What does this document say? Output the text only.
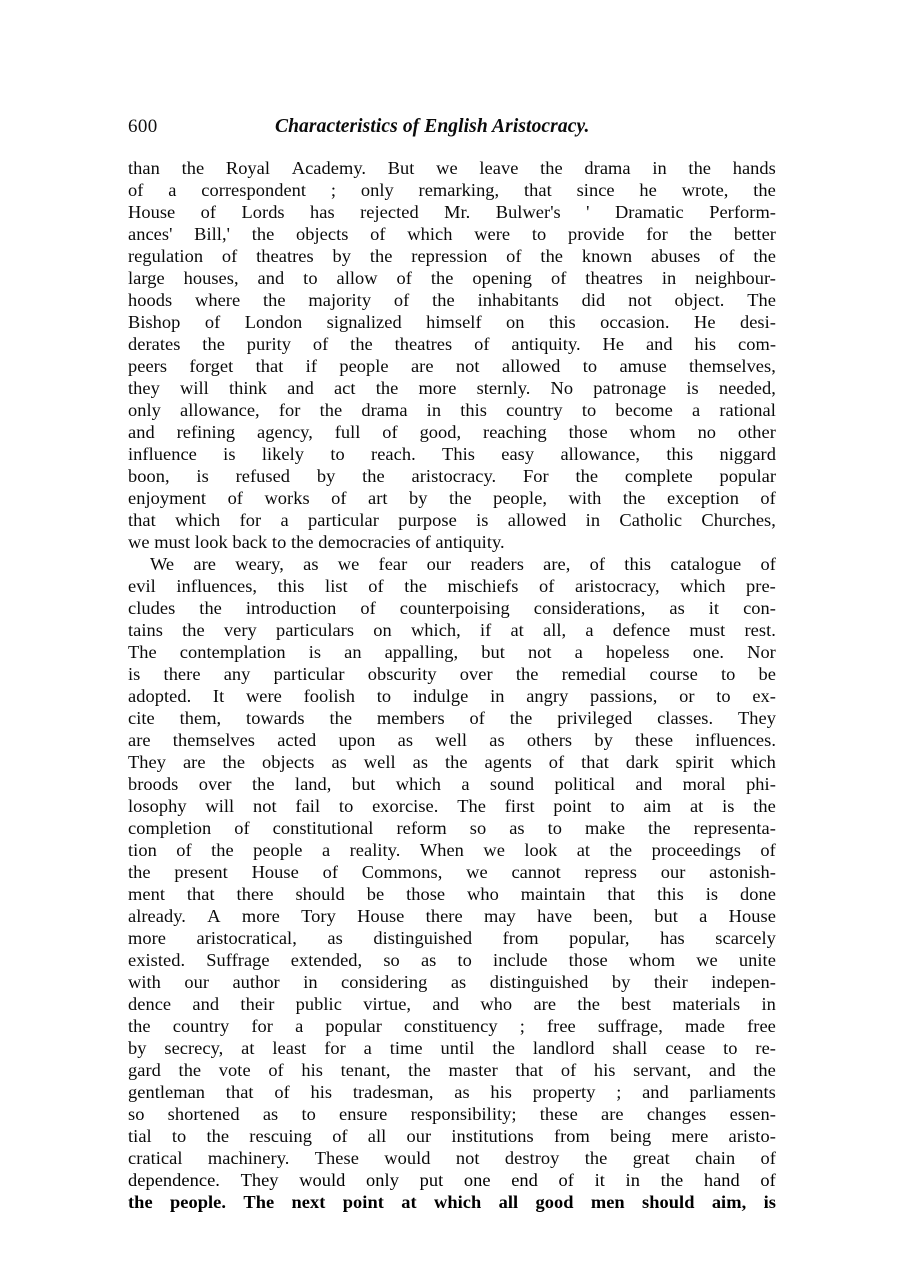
600	Characteristics of English Aristocracy.
than the Royal Academy. But we leave the drama in the hands
of a correspondent ; only remarking, that since he wrote, the
House of Lords has rejected Mr. Bulwer's ' Dramatic Perform-
ances' Bill,' the objects of which were to provide for the better
regulation of theatres by the repression of the known abuses of the
large houses, and to allow of the opening of theatres in neighbour-
hoods where the majority of the inhabitants did not object. The
Bishop of London signalized himself on this occasion. He desi-
derates the purity of the theatres of antiquity. He and his com-
peers forget that if people are not allowed to amuse themselves,
they will think and act the more sternly. No patronage is needed,
only allowance, for the drama in this country to become a rational
and refining agency, full of good, reaching those whom no other
influence is likely to reach. This easy allowance, this niggard
boon, is refused by the aristocracy. For the complete popular
enjoyment of works of art by the people, with the exception of
that which for a particular purpose is allowed in Catholic Churches,
we must look back to the democracies of antiquity.
We are weary, as we fear our readers are, of this catalogue of
evil influences, this list of the mischiefs of aristocracy, which pre-
cludes the introduction of counterpoising considerations, as it con-
tains the very particulars on which, if at all, a defence must rest.
The contemplation is an appalling, but not a hopeless one. Nor
is there any particular obscurity over the remedial course to be
adopted. It were foolish to indulge in angry passions, or to ex-
cite them, towards the members of the privileged classes. They
are themselves acted upon as well as others by these influences.
They are the objects as well as the agents of that dark spirit which
broods over the land, but which a sound political and moral phi-
losophy will not fail to exorcise. The first point to aim at is the
completion of constitutional reform so as to make the representa-
tion of the people a reality. When we look at the proceedings of
the present House of Commons, we cannot repress our astonish-
ment that there should be those who maintain that this is done
already. A more Tory House there may have been, but a House
more aristocratical, as distinguished from popular, has scarcely
existed. Suffrage extended, so as to include those whom we unite
with our author in considering as distinguished by their indepen-
dence and their public virtue, and who are the best materials in
the country for a popular constituency ; free suffrage, made free
by secrecy, at least for a time until the landlord shall cease to re-
gard the vote of his tenant, the master that of his servant, and the
gentleman that of his tradesman, as his property ; and parliaments
so shortened as to ensure responsibility; these are changes essen-
tial to the rescuing of all our institutions from being mere aristo-
cratical machinery. These would not destroy the great chain of
dependence. They would only put one end of it in the hand of
the people. The next point at which all good men should aim, is
